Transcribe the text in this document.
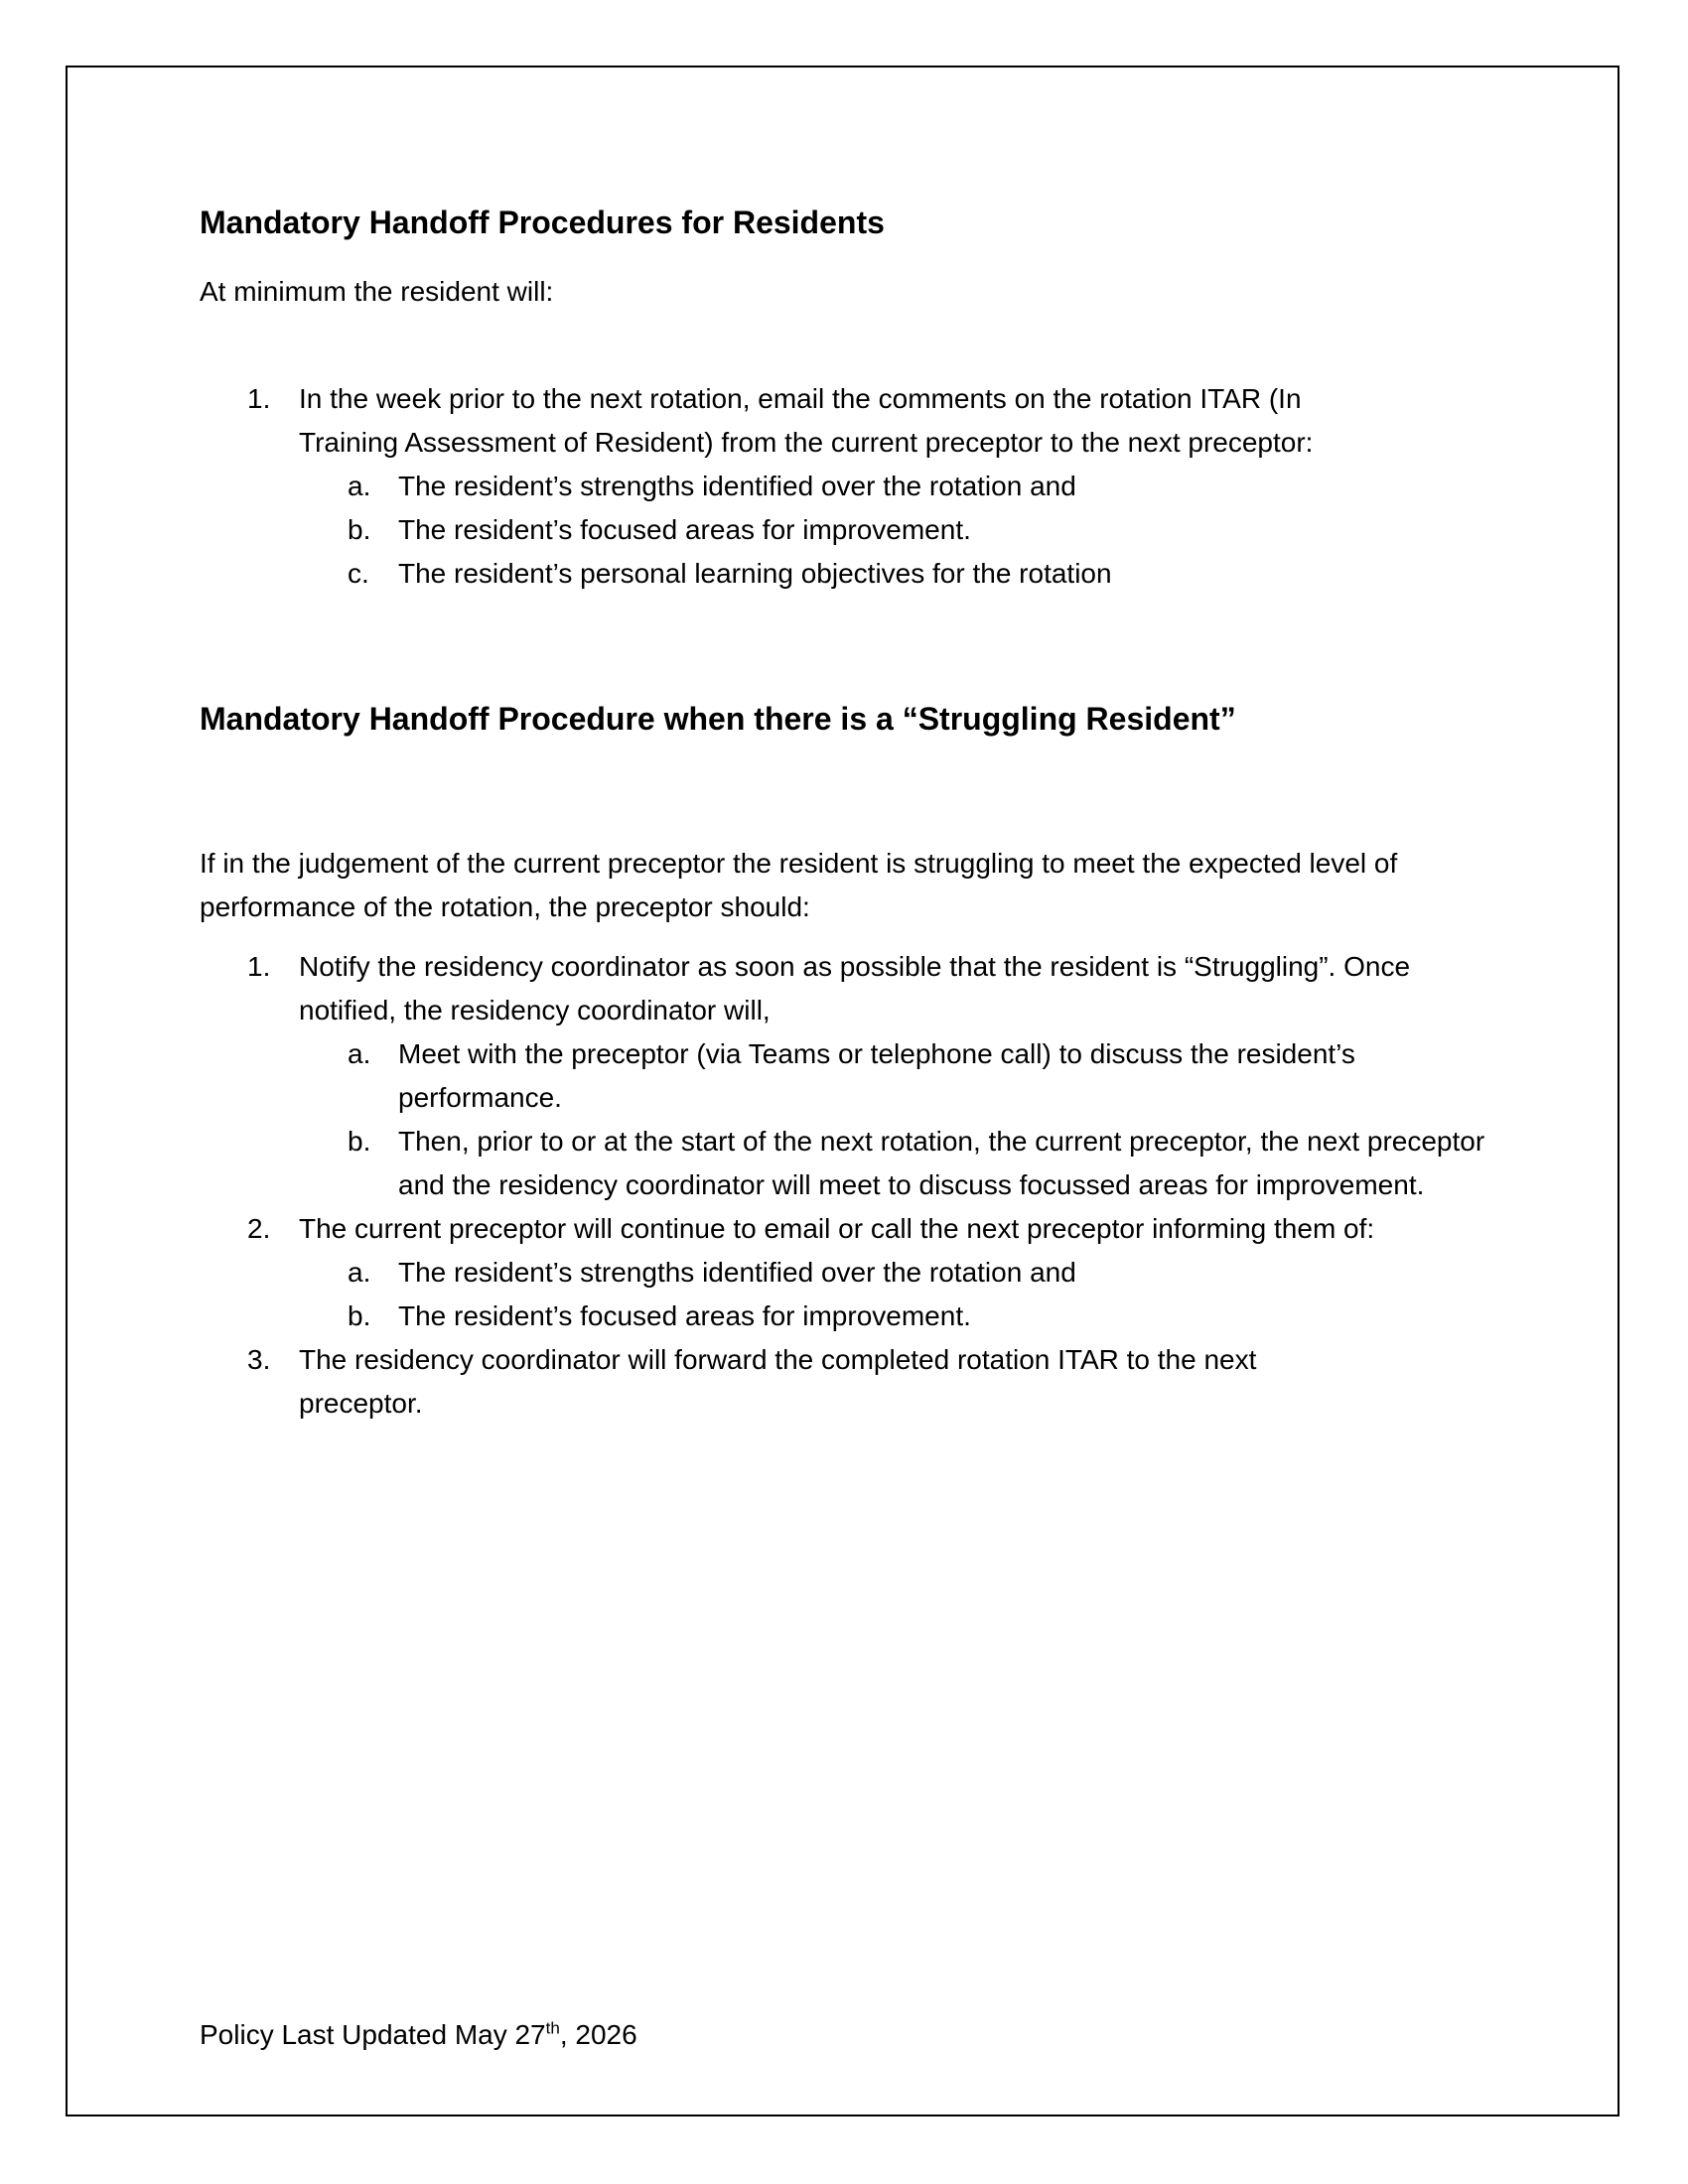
Mandatory Handoff Procedures for Residents

At minimum the resident will:

1. In the week prior to the next rotation, email the comments on the rotation ITAR (In Training Assessment of Resident) from the current preceptor to the next preceptor:
a. The resident’s strengths identified over the rotation and
b. The resident’s focused areas for improvement.
c. The resident’s personal learning objectives for the rotation
Mandatory Handoff Procedure when there is a “Struggling Resident”

If in the judgement of the current preceptor the resident is struggling to meet the expected level of performance of the rotation, the preceptor should:

1. Notify the residency coordinator as soon as possible that the resident is “Struggling”. Once notified, the residency coordinator will,
a. Meet with the preceptor (via Teams or telephone call) to discuss the resident’s performance.
b. Then, prior to or at the start of the next rotation, the current preceptor, the next preceptor and the residency coordinator will meet to discuss focussed areas for improvement.
2. The current preceptor will continue to email or call the next preceptor informing them of:
a. The resident’s strengths identified over the rotation and
b. The resident’s focused areas for improvement.
3. The residency coordinator will forward the completed rotation ITAR to the next preceptor.

Policy Last Updated May 27th, 2026
